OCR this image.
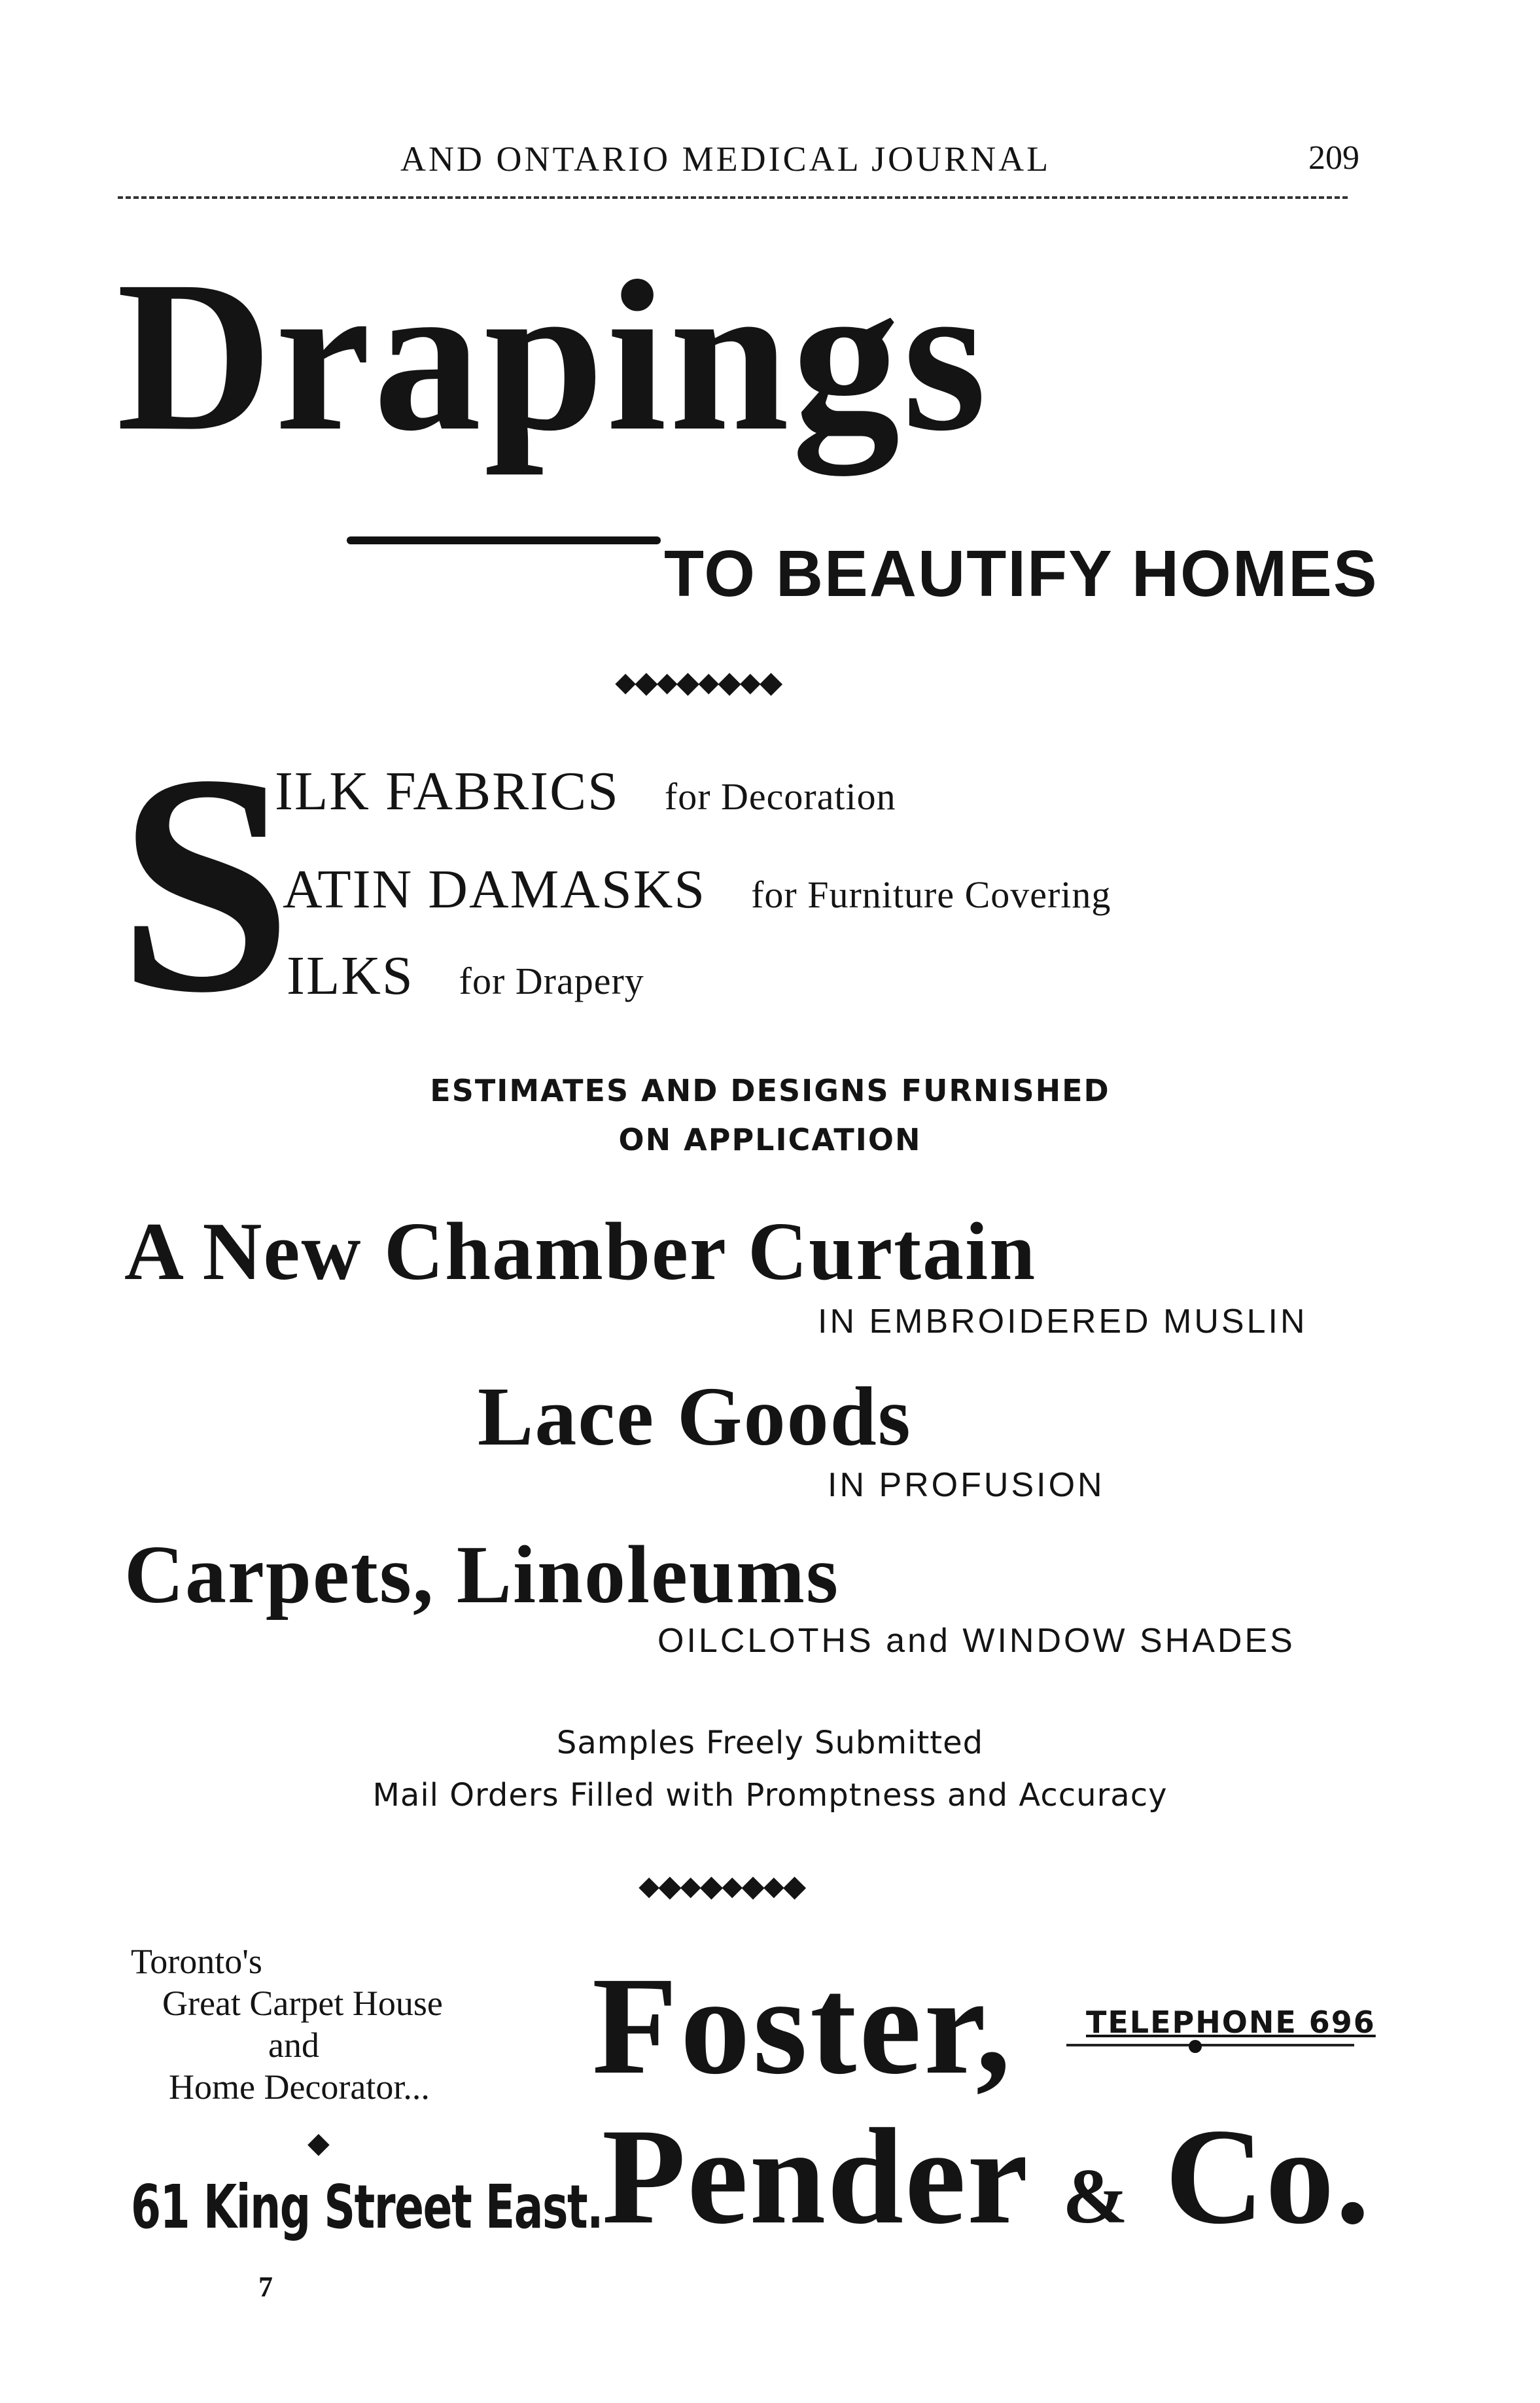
AND ONTARIO MEDICAL JOURNAL	209
Drapings
TO BEAUTIFY HOMES
⬥◆⬥◆⬥◆⬥◆
S
ILK FABRICS for Decoration
ATIN DAMASKS for Furniture Covering
ILKS for Drapery
ESTIMATES AND DESIGNS FURNISHED
ON APPLICATION
A New Chamber Curtain
IN EMBROIDERED MUSLIN
Lace Goods
IN PROFUSION
Carpets, Linoleums
OILCLOTHS and WINDOW SHADES
Samples Freely Submitted
Mail Orders Filled with Promptness and Accuracy
⬥◆⬥◆⬥◆⬥◆
Toronto's
Great Carpet House
and
Home Decorator...
◆
61 King Street East.
7
Foster,
Pender & Co.
TELEPHONE 696
